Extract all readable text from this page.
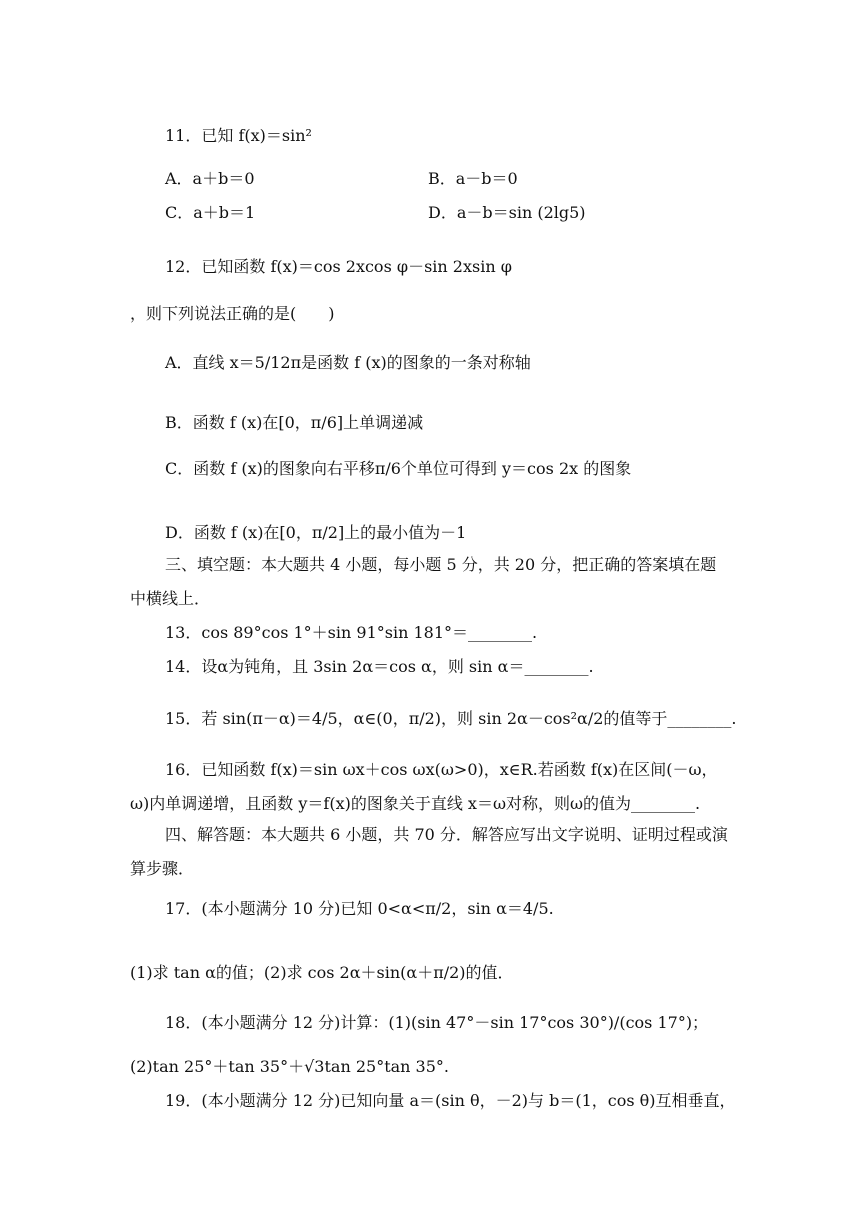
11．已知 f(x)＝sin²
A．a＋b＝0	B．a－b＝0
C．a＋b＝1	D．a－b＝sin (2lg5)
12．已知函数 f(x)＝cos 2xcos φ－sin 2xsin φ
，则下列说法正确的是(　　)
A．直线 x＝5/12π是函数 f (x)的图象的一条对称轴
B．函数 f (x)在[0，π/6]上单调递减
C．函数 f (x)的图象向右平移π/6个单位可得到 y＝cos 2x 的图象
D．函数 f (x)在[0，π/2]上的最小值为－1
三、填空题：本大题共 4 小题，每小题 5 分，共 20 分，把正确的答案填在题中横线上．
13．cos 89°cos 1°＋sin 91°sin 181°＝________.
14．设α为钝角，且 3sin 2α＝cos α，则 sin α＝________.
15．若 sin(π－α)＝4/5，α∈(0，π/2)，则 sin 2α－cos²α/2的值等于________.
16．已知函数 f(x)＝sin ωx＋cos ωx(ω>0)，x∈R.若函数 f(x)在区间(－ω，ω)内单调递增，且函数 y＝f(x)的图象关于直线 x＝ω对称，则ω的值为________.
四、解答题：本大题共 6 小题，共 70 分．解答应写出文字说明、证明过程或演算步骤．
17．(本小题满分 10 分)已知 0<α<π/2，sin α＝4/5.
(1)求 tan α的值；(2)求 cos 2α＋sin(α＋π/2)的值．
18．(本小题满分 12 分)计算：(1)(sin 47°－sin 17°cos 30°)/(cos 17°)；
(2)tan 25°＋tan 35°＋√3tan 25°tan 35°.
19．(本小题满分 12 分)已知向量 a＝(sin θ，－2)与 b＝(1，cos θ)互相垂直，
